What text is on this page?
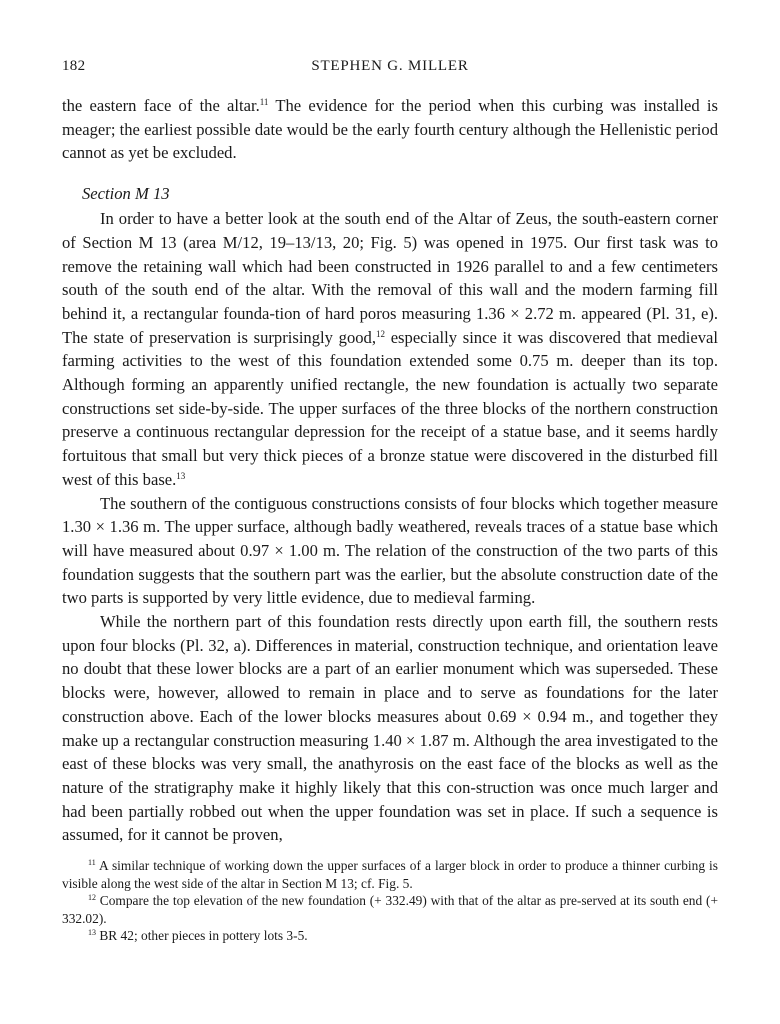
182	STEPHEN G. MILLER

the eastern face of the altar.$^{11}$ The evidence for the period when this curbing was installed is meager; the earliest possible date would be the early fourth century although the Hellenistic period cannot as yet be excluded.

Section M 13

In order to have a better look at the south end of the Altar of Zeus, the south-eastern corner of Section M 13 (area M/12, 19–13/13, 20; Fig. 5) was opened in 1975. Our first task was to remove the retaining wall which had been constructed in 1926 parallel to and a few centimeters south of the south end of the altar. With the removal of this wall and the modern farming fill behind it, a rectangular founda-tion of hard poros measuring 1.36 × 2.72 m. appeared (Pl. 31, e). The state of preservation is surprisingly good,$^{12}$ especially since it was discovered that medieval farming activities to the west of this foundation extended some 0.75 m. deeper than its top. Although forming an apparently unified rectangle, the new foundation is actually two separate constructions set side-by-side. The upper surfaces of the three blocks of the northern construction preserve a continuous rectangular depression for the receipt of a statue base, and it seems hardly fortuitous that small but very thick pieces of a bronze statue were discovered in the disturbed fill west of this base.$^{13}$

The southern of the contiguous constructions consists of four blocks which together measure 1.30 × 1.36 m. The upper surface, although badly weathered, reveals traces of a statue base which will have measured about 0.97 × 1.00 m. The relation of the construction of the two parts of this foundation suggests that the southern part was the earlier, but the absolute construction date of the two parts is supported by very little evidence, due to medieval farming.

While the northern part of this foundation rests directly upon earth fill, the southern rests upon four blocks (Pl. 32, a). Differences in material, construction technique, and orientation leave no doubt that these lower blocks are a part of an earlier monument which was superseded. These blocks were, however, allowed to remain in place and to serve as foundations for the later construction above. Each of the lower blocks measures about 0.69 × 0.94 m., and together they make up a rectangular construction measuring 1.40 × 1.87 m. Although the area investigated to the east of these blocks was very small, the anathyrosis on the east face of the blocks as well as the nature of the stratigraphy make it highly likely that this con-struction was once much larger and had been partially robbed out when the upper foundation was set in place. If such a sequence is assumed, for it cannot be proven,

$^{11}$ A similar technique of working down the upper surfaces of a larger block in order to produce a thinner curbing is visible along the west side of the altar in Section M 13; cf. Fig. 5.

$^{12}$ Compare the top elevation of the new foundation (+ 332.49) with that of the altar as pre-served at its south end (+ 332.02).

$^{13}$ BR 42; other pieces in pottery lots 3-5.
